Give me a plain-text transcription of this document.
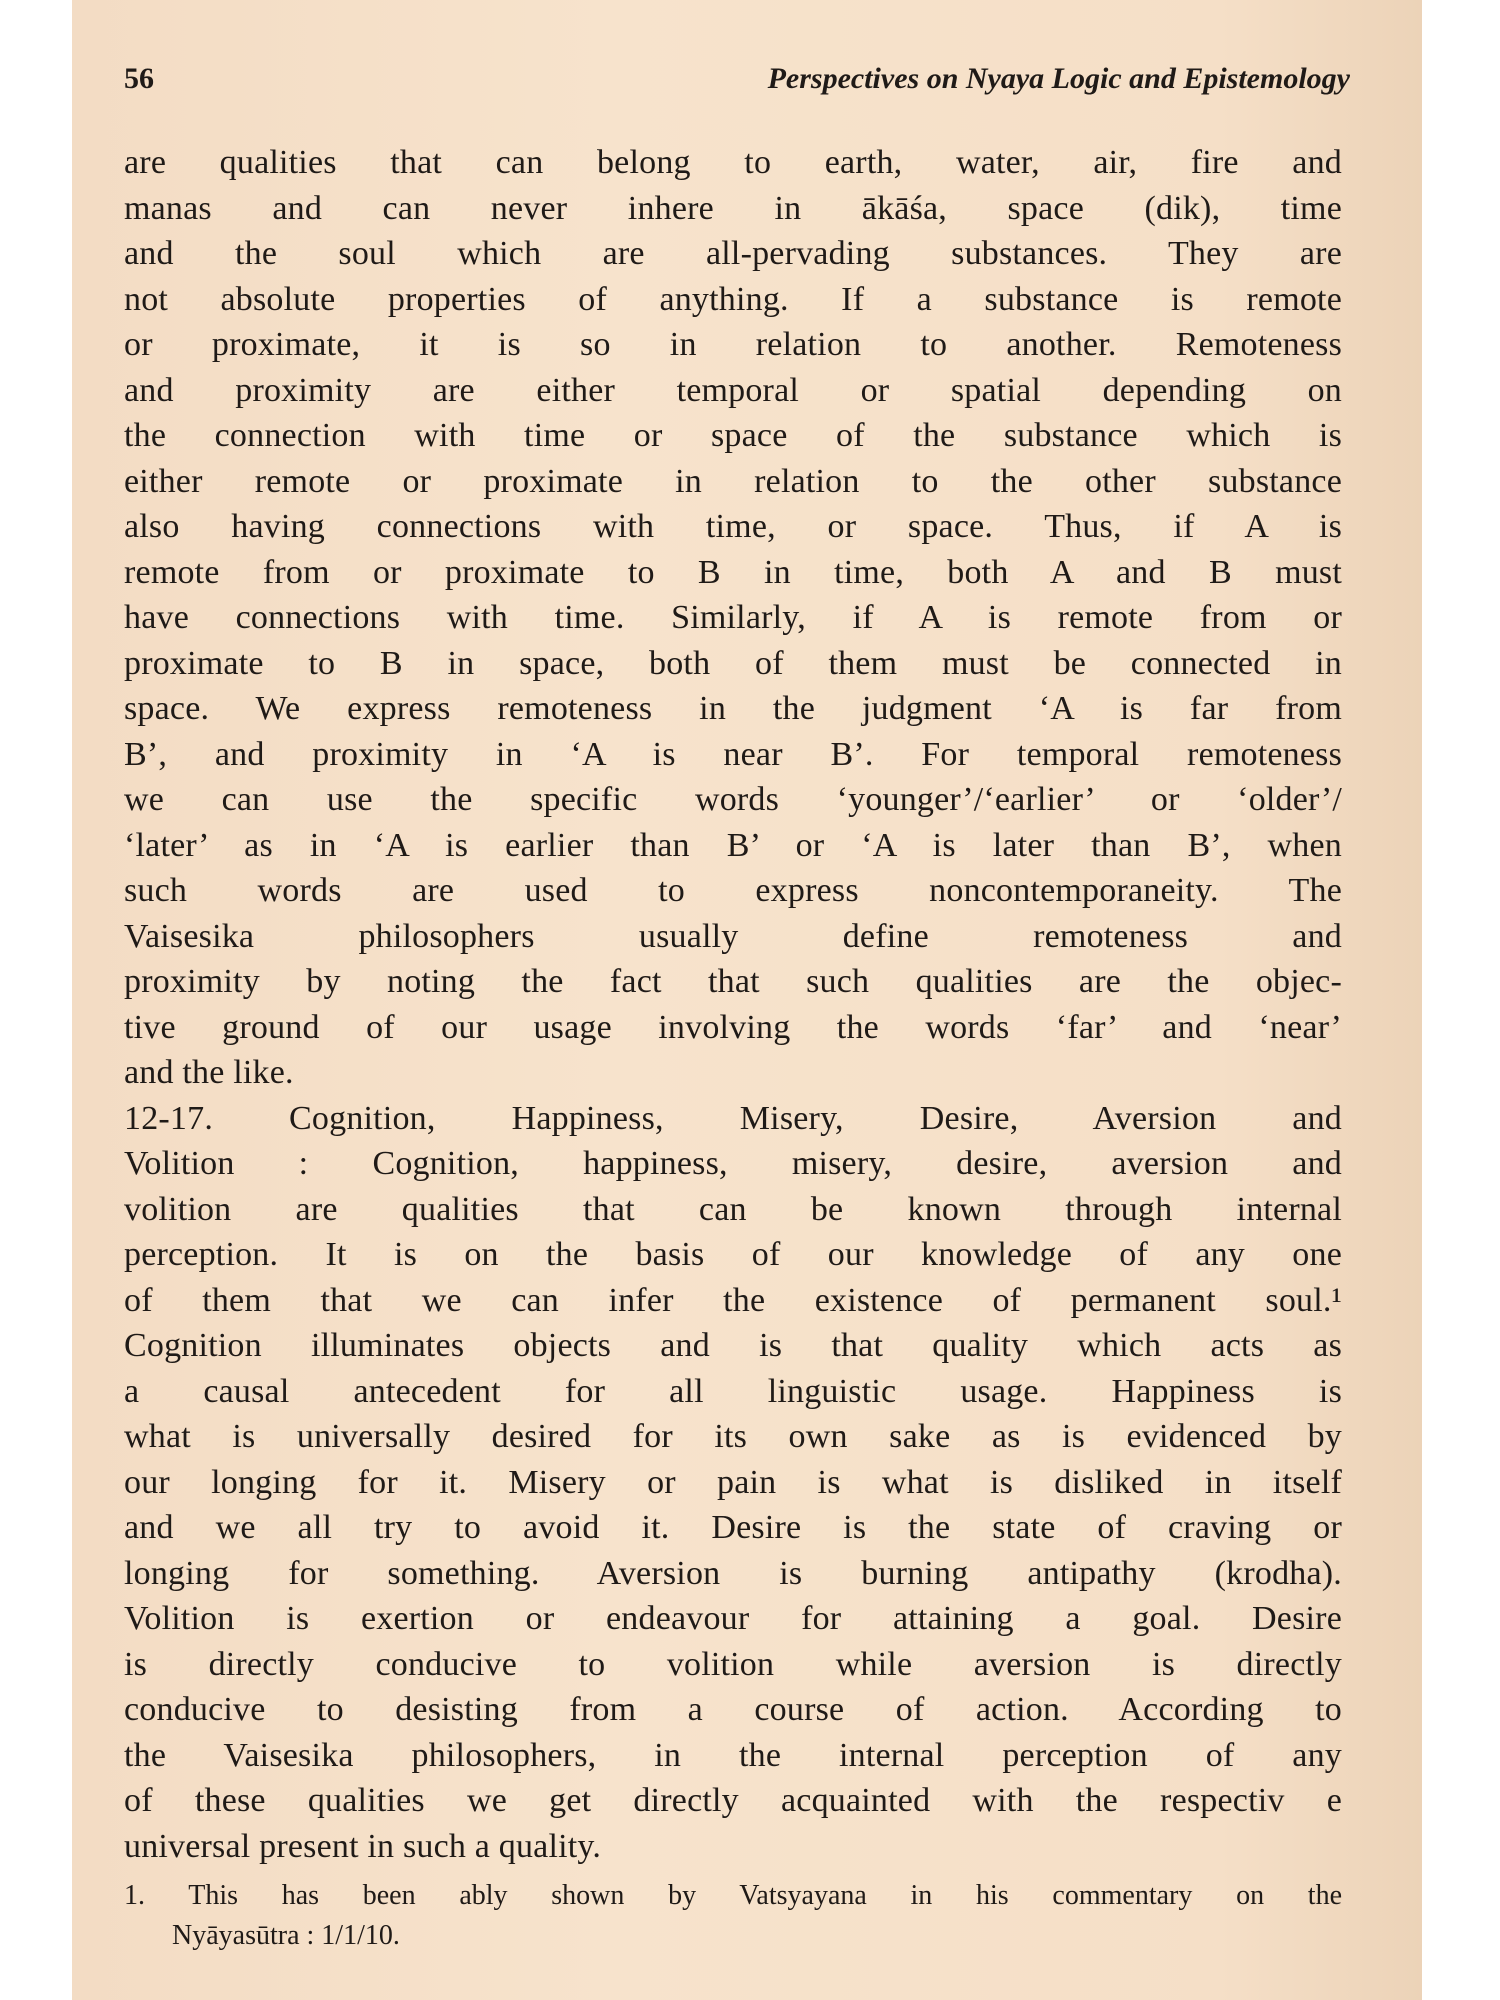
56	Perspectives on Nyaya Logic and Epistemology
are qualities that can belong to earth, water, air, fire and
manas and can never inhere in ākāśa, space (dik), time
and the soul which are all-pervading substances. They are
not absolute properties of anything. If a substance is remote
or proximate, it is so in relation to another. Remoteness
and proximity are either temporal or spatial depending on
the connection with time or space of the substance which is
either remote or proximate in relation to the other substance
also having connections with time, or space. Thus, if A is
remote from or proximate to B in time, both A and B must
have connections with time. Similarly, if A is remote from or
proximate to B in space, both of them must be connected in
space. We express remoteness in the judgment ‘A is far from
B’, and proximity in ‘A is near B’. For temporal remoteness
we can use the specific words ‘younger’/‘earlier’ or ‘older’/
‘later’ as in ‘A is earlier than B’ or ‘A is later than B’, when
such words are used to express noncontemporaneity. The
Vaisesika philosophers usually define remoteness and
proximity by noting the fact that such qualities are the objec-
tive ground of our usage involving the words ‘far’ and ‘near’
and the like.
12-17. Cognition, Happiness, Misery, Desire, Aversion and
Volition : Cognition, happiness, misery, desire, aversion and
volition are qualities that can be known through internal
perception. It is on the basis of our knowledge of any one
of them that we can infer the existence of permanent soul.¹
Cognition illuminates objects and is that quality which acts as
a causal antecedent for all linguistic usage. Happiness is
what is universally desired for its own sake as is evidenced by
our longing for it. Misery or pain is what is disliked in itself
and we all try to avoid it. Desire is the state of craving or
longing for something. Aversion is burning antipathy (krodha).
Volition is exertion or endeavour for attaining a goal. Desire
is directly conducive to volition while aversion is directly
conducive to desisting from a course of action. According to
the Vaisesika philosophers, in the internal perception of any
of these qualities we get directly acquainted with the respectiv e
universal present in such a quality.
1. This has been ably shown by Vatsyayana in his commentary on the
Nyāyasūtra : 1/1/10.
